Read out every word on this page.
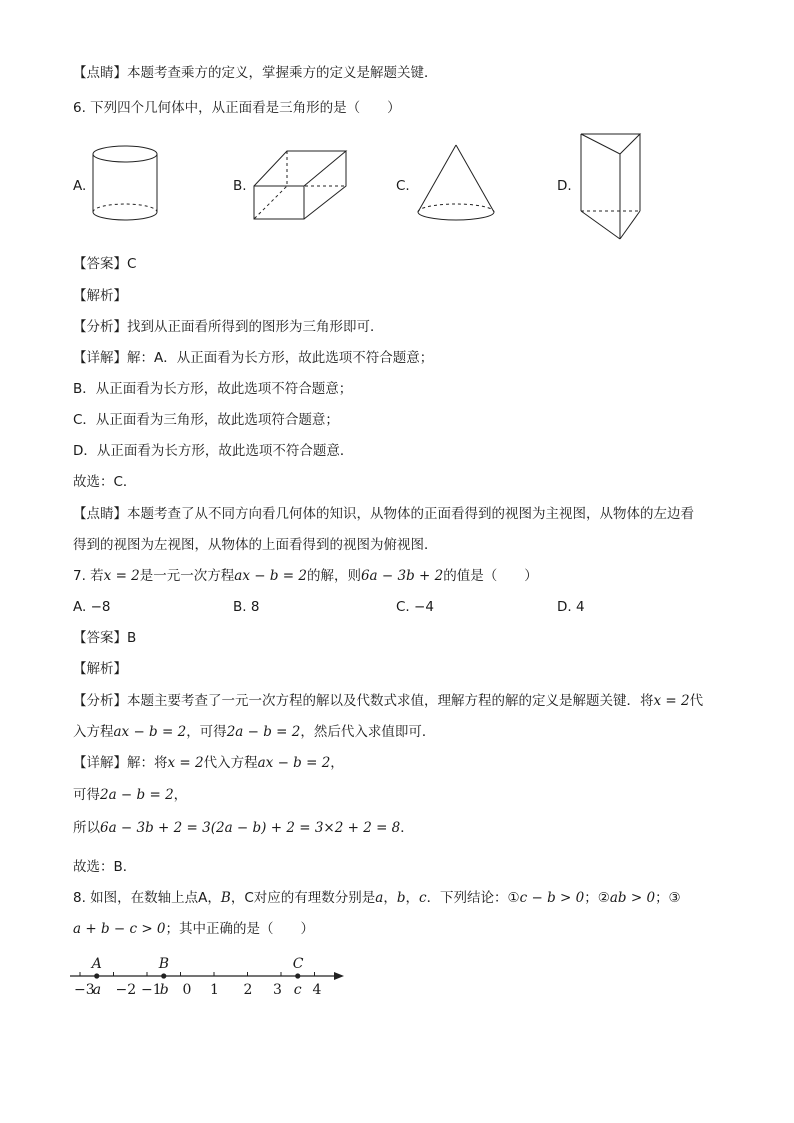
【点睛】本题考查乘方的定义，掌握乘方的定义是解题关键．
6. 下列四个几何体中，从正面看是三角形的是（　　）
A.	B.	C.	D.
【答案】C
【解析】
【分析】找到从正面看所得到的图形为三角形即可．
【详解】解：A．从正面看为长方形，故此选项不符合题意；
B．从正面看为长方形，故此选项不符合题意；
C．从正面看为三角形，故此选项符合题意；
D．从正面看为长方形，故此选项不符合题意．
故选：C．
【点睛】本题考查了从不同方向看几何体的知识，从物体的正面看得到的视图为主视图，从物体的左边看
得到的视图为左视图，从物体的上面看得到的视图为俯视图．
7. 若x = 2是一元一次方程ax − b = 2的解，则6a − 3b + 2的值是（　　）
A. −8	B. 8	C. −4	D. 4
【答案】B
【解析】
【分析】本题主要考查了一元一次方程的解以及代数式求值，理解方程的解的定义是解题关键．将x = 2代
入方程ax − b = 2，可得2a − b = 2，然后代入求值即可．
【详解】解：将x = 2代入方程ax − b = 2，
可得2a − b = 2，
所以6a − 3b + 2 = 3(2a − b) + 2 = 3×2 + 2 = 8．
故选：B．
8. 如图，在数轴上点A，B，C对应的有理数分别是a，b，c．下列结论：①c − b > 0；②ab > 0；③
a + b − c > 0；其中正确的是（　　）
−3 −2 −1 0 1 2 3 4
A
a
B
b
C
c
